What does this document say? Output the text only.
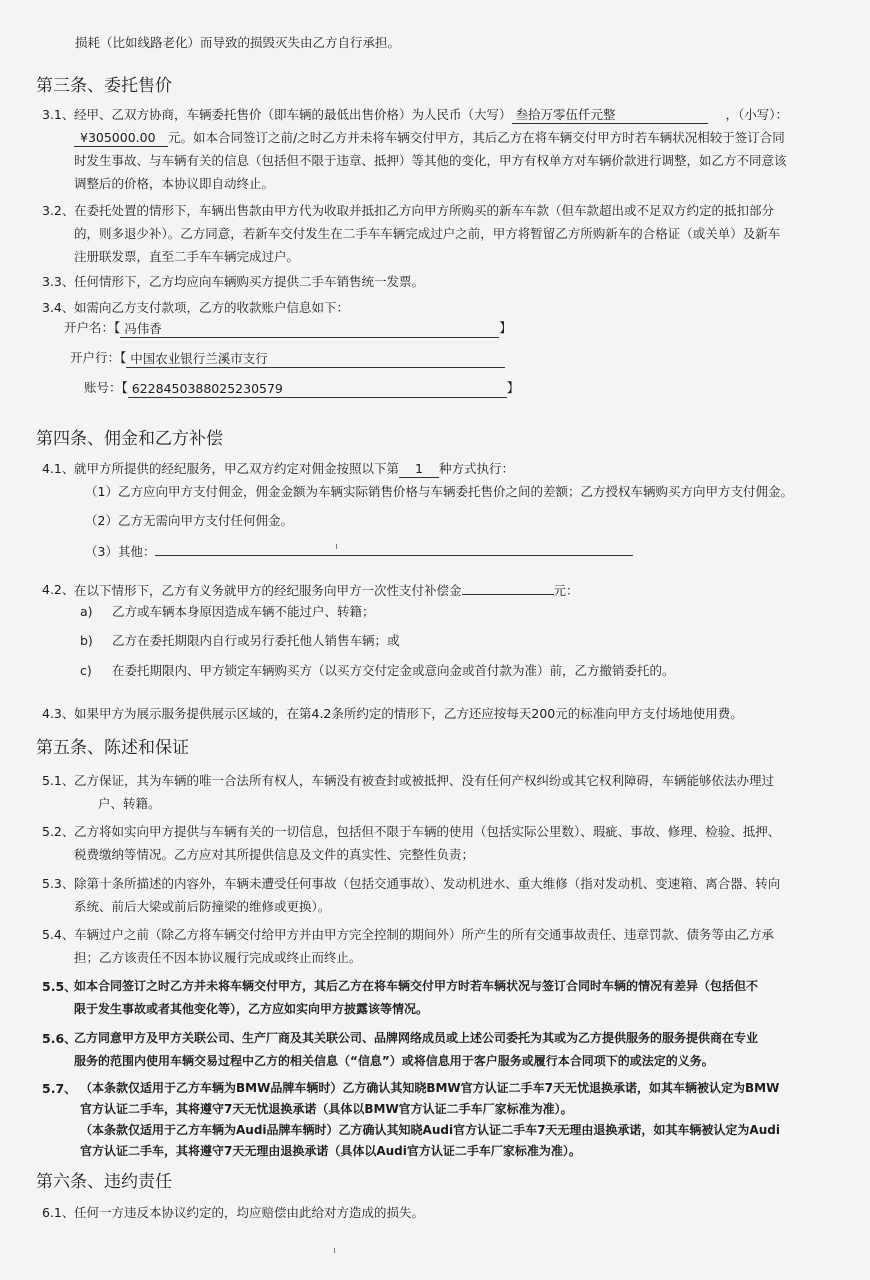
损耗（比如线路老化）而导致的损毁灭失由乙方自行承担。
第三条、委托售价
3.1、 经甲、乙双方协商，车辆委托售价（即车辆的最低出售价格）为人民币（大写） 叁拾万零伍仟元整	，（小写）：
¥305000.00 元。如本合同签订之前/之时乙方并未将车辆交付甲方，其后乙方在将车辆交付甲方时若车辆状况相较于签订合同
时发生事故、与车辆有关的信息（包括但不限于违章、抵押）等其他的变化，甲方有权单方对车辆价款进行调整，如乙方不同意该
调整后的价格，本协议即自动终止。
3.2、 在委托处置的情形下，车辆出售款由甲方代为收取并抵扣乙方向甲方所购买的新车车款（但车款超出或不足双方约定的抵扣部分
的，则多退少补）。乙方同意，若新车交付发生在二手车车辆完成过户之前，甲方将暂留乙方所购新车的合格证（或关单）及新车
注册联发票，直至二手车车辆完成过户。
3.3、 任何情形下，乙方均应向车辆购买方提供二手车销售统一发票。
3.4、 如需向乙方支付款项，乙方的收款账户信息如下：
开户名：【 冯伟香	】
开户行：【 中国农业银行兰溪市支行
账号：【 6228450388025230579	】
第四条、佣金和乙方补偿
4.1、 就甲方所提供的经纪服务，甲乙双方约定对佣金按照以下第 1 种方式执行：
（1）乙方应向甲方支付佣金，佣金金额为车辆实际销售价格与车辆委托售价之间的差额；乙方授权车辆购买方向甲方支付佣金。
（2）乙方无需向甲方支付任何佣金。
（3）其他：
4.2、 在以下情形下，乙方有义务就甲方的经纪服务向甲方一次性支付补偿金	元：
a) 乙方或车辆本身原因造成车辆不能过户、转籍；
b) 乙方在委托期限内自行或另行委托他人销售车辆；或
c) 在委托期限内、甲方锁定车辆购买方（以买方交付定金或意向金或首付款为准）前，乙方撤销委托的。
4.3、 如果甲方为展示服务提供展示区域的，在第4.2条所约定的情形下，乙方还应按每天200元的标准向甲方支付场地使用费。
第五条、陈述和保证
5.1、 乙方保证，其为车辆的唯一合法所有权人，车辆没有被查封或被抵押、没有任何产权纠纷或其它权利障碍，车辆能够依法办理过
户、转籍。
5.2、 乙方将如实向甲方提供与车辆有关的一切信息，包括但不限于车辆的使用（包括实际公里数）、瑕疵、事故、修理、检验、抵押、
税费缴纳等情况。乙方应对其所提供信息及文件的真实性、完整性负责；
5.3、 除第十条所描述的内容外，车辆未遭受任何事故（包括交通事故）、发动机进水、重大维修（指对发动机、变速箱、离合器、转向
系统、前后大梁或前后防撞梁的维修或更换）。
5.4、 车辆过户之前（除乙方将车辆交付给甲方并由甲方完全控制的期间外）所产生的所有交通事故责任、违章罚款、债务等由乙方承
担；乙方该责任不因本协议履行完成或终止而终止。
5.5、
如本合同签订之时乙方并未将车辆交付甲方，其后乙方在将车辆交付甲方时若车辆状况与签订合同时车辆的情况有差异（包括但不
限于发生事故或者其他变化等），乙方应如实向甲方披露该等情况。
5.6、
乙方同意甲方及甲方关联公司、生产厂商及其关联公司、品牌网络成员或上述公司委托为其或为乙方提供服务的服务提供商在专业
服务的范围内使用车辆交易过程中乙方的相关信息（“信息”）或将信息用于客户服务或履行本合同项下的或法定的义务。
5.7、 （本条款仅适用于乙方车辆为BMW品牌车辆时）乙方确认其知晓BMW官方认证二手车7天无忧退换承诺，如其车辆被认定为BMW
官方认证二手车，其将遵守7天无忧退换承诺（具体以BMW官方认证二手车厂家标准为准）。
（本条款仅适用于乙方车辆为Audi品牌车辆时）乙方确认其知晓Audi官方认证二手车7天无理由退换承诺，如其车辆被认定为Audi
官方认证二手车，其将遵守7天无理由退换承诺（具体以Audi官方认证二手车厂家标准为准）。
第六条、违约责任
6.1、 任何一方违反本协议约定的，均应赔偿由此给对方造成的损失。
